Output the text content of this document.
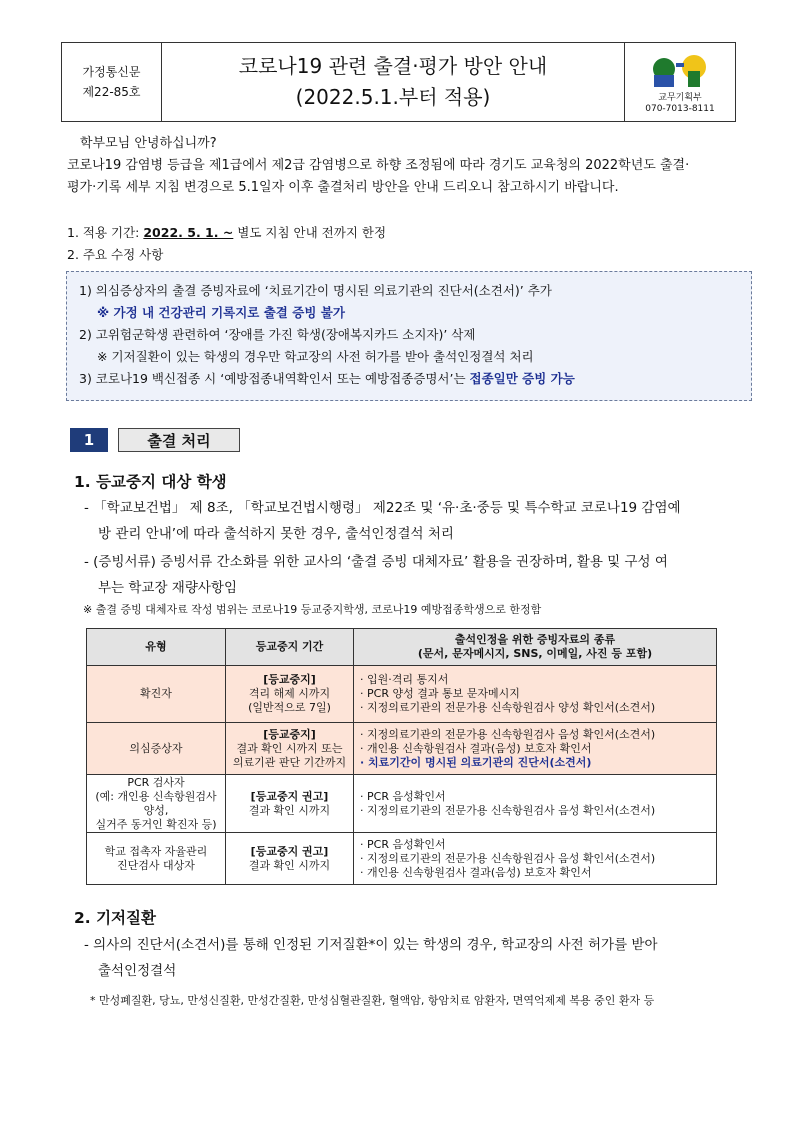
가정통신문
제22-85호
코로나19 관련 출결·평가 방안 안내
(2022.5.1.부터 적용)	교무기획부
070-7013-8111

학부모님 안녕하십니까?

코로나19 감염병 등급을 제1급에서 제2급 감염병으로 하향 조정됨에 따라 경기도 교육청의 2022학년도 출결·

평가·기록 세부 지침 변경으로 5.1일자 이후 출결처리 방안을 안내 드리오니 참고하시기 바랍니다.

1. 적용 기간: 2022. 5. 1. ~ 별도 지침 안내 전까지 한정
2. 주요 수정 사항

1) 의심증상자의 출결 증빙자료에 ‘치료기간이 명시된 의료기관의 진단서(소견서)’ 추가

※ 가정 내 건강관리 기록지로 출결 증빙 불가

2) 고위험군학생 관련하여 ‘장애를 가진 학생(장애복지카드 소지자)’ 삭제

※ 기저질환이 있는 학생의 경우만 학교장의 사전 허가를 받아 출석인정결석 처리

3) 코로나19 백신접종 시 ‘예방접종내역확인서 또는 예방접종증명서’는 접종일만 증빙 가능

1	출결 처리
1. 등교중지 대상 학생

- 「학교보건법」 제 8조, 「학교보건법시행령」 제22조 및 ‘유·초·중등 및 특수학교 코로나19 감염예

방 관리 안내’에 따라 출석하지 못한 경우, 출석인정결석 처리

- (증빙서류) 증빙서류 간소화를 위한 교사의 ‘출결 증빙 대체자료’ 활용을 권장하며, 활용 및 구성 여

부는 학교장 재량사항임

※ 출결 증빙 대체자료 작성 범위는 코로나19 등교중지학생, 코로나19 예방접종학생으로 한정함
유형	등교중지 기간	출석인정을 위한 증빙자료의 종류
(문서, 문자메시지, SNS, 이메일, 사진 등 포함)

확진자	[등교중지]
격리 해제 시까지
(일반적으로 7일)	· 입원·격리 통지서
· PCR 양성 결과 통보 문자메시지
· 지정의료기관의 전문가용 신속항원검사 양성 확인서(소견서)

의심증상자	[등교중지]
결과 확인 시까지 또는
의료기관 판단 기간까지	· 지정의료기관의 전문가용 신속항원검사 음성 확인서(소견서)
· 개인용 신속항원검사 결과(음성) 보호자 확인서
· 치료기간이 명시된 의료기관의 진단서(소견서)

PCR 검사자
(예: 개인용 신속항원검사 양성,
실거주 동거인 확진자 등)	[등교중지 권고]
결과 확인 시까지	· PCR 음성확인서
· 지정의료기관의 전문가용 신속항원검사 음성 확인서(소견서)

학교 접촉자 자율관리
진단검사 대상자	[등교중지 권고]
결과 확인 시까지	· PCR 음성확인서
· 지정의료기관의 전문가용 신속항원검사 음성 확인서(소견서)
· 개인용 신속항원검사 결과(음성) 보호자 확인서
2. 기저질환

- 의사의 진단서(소견서)를 통해 인정된 기저질환*이 있는 학생의 경우, 학교장의 사전 허가를 받아

출석인정결석

* 만성폐질환, 당뇨, 만성신질환, 만성간질환, 만성심혈관질환, 혈액암, 항암치료 암환자, 면역억제제 복용 중인 환자 등
